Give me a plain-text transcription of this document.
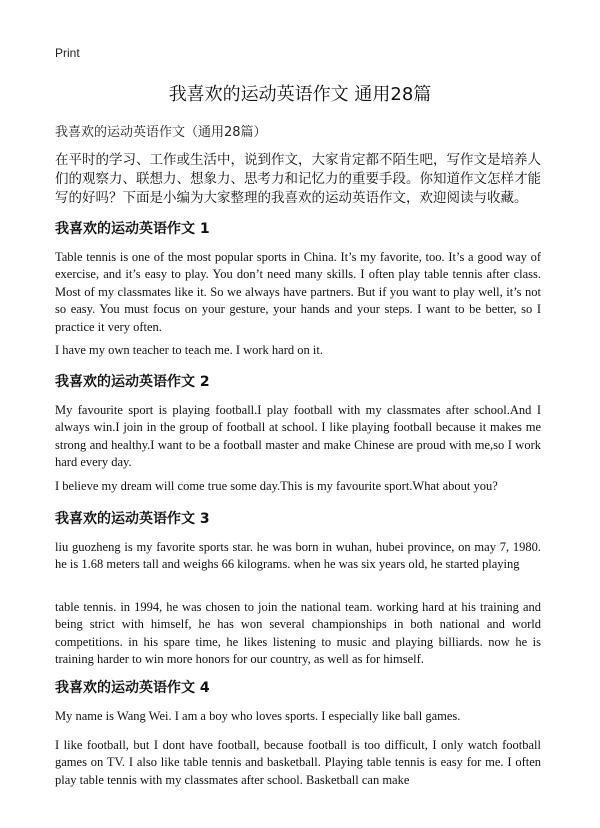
Print
我喜欢的运动英语作文 通用28篇
我喜欢的运动英语作文（通用28篇）

在平时的学习、工作或生活中，说到作文，大家肯定都不陌生吧，写作文是培养人们的观察力、联想力、想象力、思考力和记忆力的重要手段。你知道作文怎样才能写的好吗？下面是小编为大家整理的我喜欢的运动英语作文，欢迎阅读与收藏。

我喜欢的运动英语作文 1

Table tennis is one of the most popular sports in China. It’s my favorite, too. It’s a good way of exercise, and it’s easy to play. You don’t need many skills. I often play table tennis after class. Most of my classmates like it. So we always have partners. But if you want to play well, it’s not so easy. You must focus on your gesture, your hands and your steps. I want to be better, so I practice it very often.

I have my own teacher to teach me. I work hard on it.

我喜欢的运动英语作文 2

My favourite sport is playing football.I play football with my classmates after school.And I always win.I join in the group of football at school. I like playing football because it makes me strong and healthy.I want to be a football master and make Chinese are proud with me,so I work hard every day.

I believe my dream will come true some day.This is my favourite sport.What about you?

我喜欢的运动英语作文 3

liu guozheng is my favorite sports star. he was born in wuhan, hubei province, on may 7, 1980. he is 1.68 meters tall and weighs 66 kilograms. when he was six years old, he started playing

table tennis. in 1994, he was chosen to join the national team. working hard at his training and being strict with himself, he has won several championships in both national and world competitions. in his spare time, he likes listening to music and playing billiards. now he is training harder to win more honors for our country, as well as for himself.

我喜欢的运动英语作文 4

My name is Wang Wei. I am a boy who loves sports. I especially like ball games.

I like football, but I dont have football, because football is too difficult, I only watch football games on TV. I also like table tennis and basketball. Playing table tennis is easy for me. I often play table tennis with my classmates after school. Basketball can make
